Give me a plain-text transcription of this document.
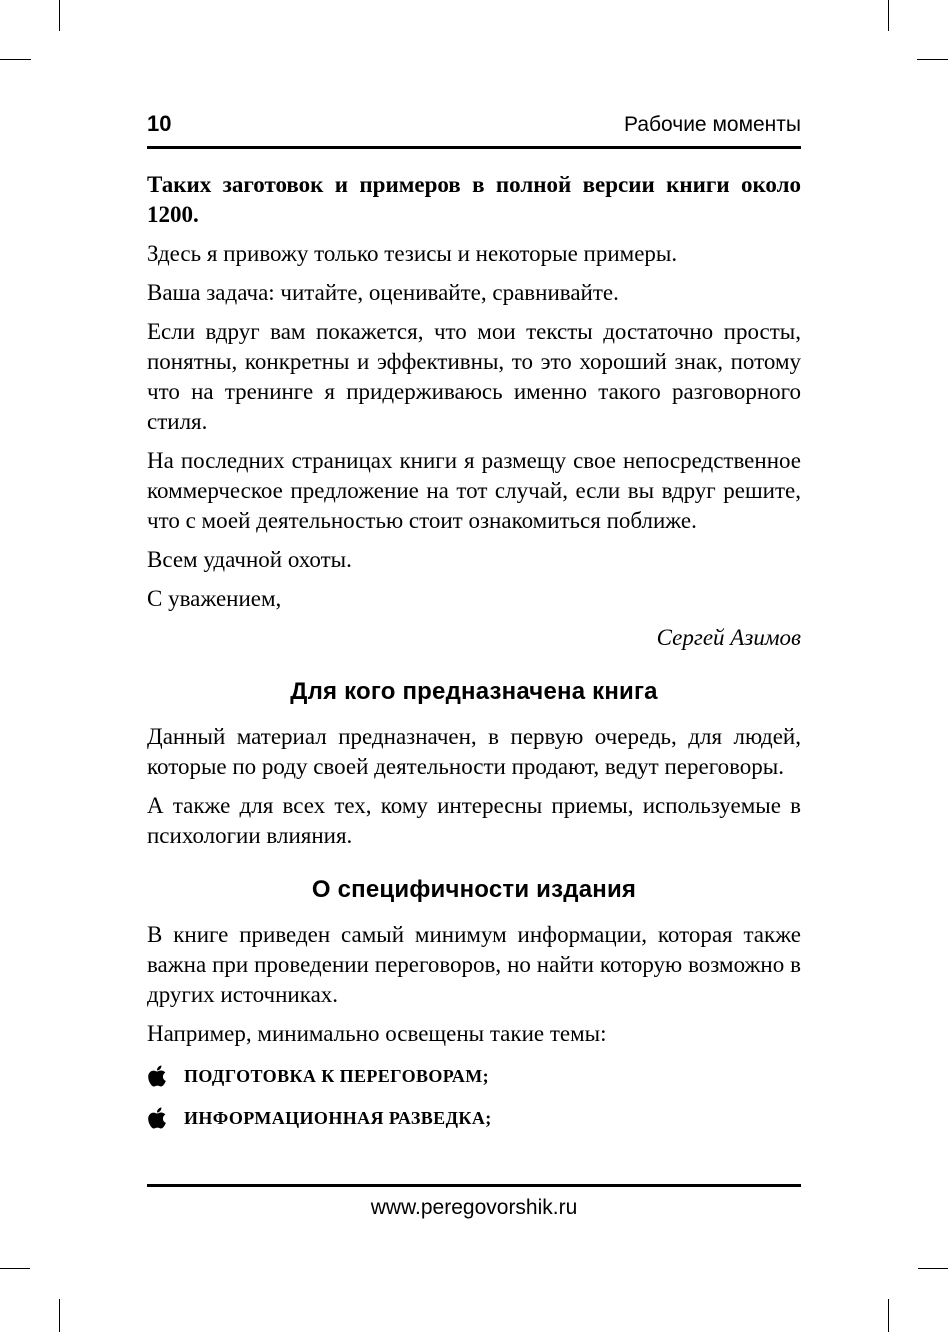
10	Рабочие моменты

Таких заготовок и примеров в полной версии книги около 1200.

Здесь я привожу только тезисы и некоторые примеры.

Ваша задача: читайте, оценивайте, сравнивайте.

Если вдруг вам покажется, что мои тексты достаточно просты, понятны, конкретны и эффективны, то это хороший знак, потому что на тренинге я придерживаюсь именно такого разговорного стиля.

На последних страницах книги я размещу свое непосредственное коммерческое предложение на тот случай, если вы вдруг решите, что с моей деятельностью стоит ознакомиться поближе.

Всем удачной охоты.

С уважением,

Сергей Азимов

Для кого предназначена книга

Данный материал предназначен, в первую очередь, для людей, которые по роду своей деятельности продают, ведут переговоры.

А также для всех тех, кому интересны приемы, используемые в психологии влияния.

О специфичности издания

В книге приведен самый минимум информации, которая также важна при проведении переговоров, но найти которую возможно в других источниках.

Например, минимально освещены такие темы:

ПОДГОТОВКА К ПЕРЕГОВОРАМ;
ИНФОРМАЦИОННАЯ РАЗВЕДКА;
www.peregovorshik.ru
